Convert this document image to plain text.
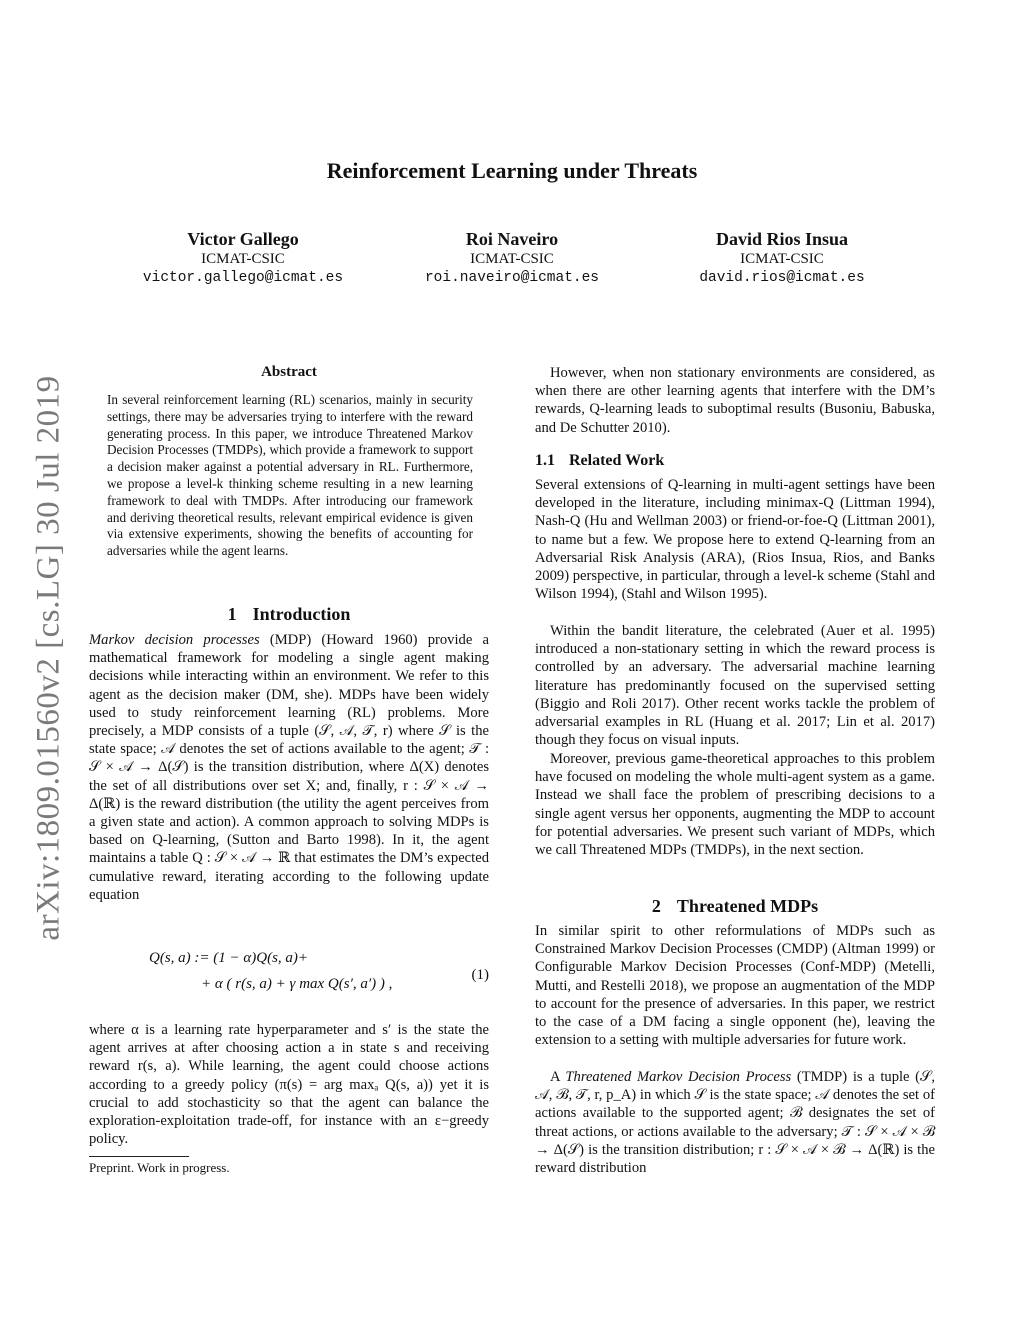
arXiv:1809.01560v2 [cs.LG] 30 Jul 2019
Reinforcement Learning under Threats
Victor Gallego
ICMAT-CSIC
victor.gallego@icmat.es
Roi Naveiro
ICMAT-CSIC
roi.naveiro@icmat.es
David Rios Insua
ICMAT-CSIC
david.rios@icmat.es
Abstract
In several reinforcement learning (RL) scenarios, mainly in security settings, there may be adversaries trying to interfere with the reward generating process. In this paper, we introduce Threatened Markov Decision Processes (TMDPs), which provide a framework to support a decision maker against a potential adversary in RL. Furthermore, we propose a level-k thinking scheme resulting in a new learning framework to deal with TMDPs. After introducing our framework and deriving theoretical results, relevant empirical evidence is given via extensive experiments, showing the benefits of accounting for adversaries while the agent learns.
1 Introduction
Markov decision processes (MDP) (Howard 1960) provide a mathematical framework for modeling a single agent making decisions while interacting within an environment. We refer to this agent as the decision maker (DM, she). MDPs have been widely used to study reinforcement learning (RL) problems. More precisely, a MDP consists of a tuple (𝒮, 𝒜, 𝒯, r) where 𝒮 is the state space; 𝒜 denotes the set of actions available to the agent; 𝒯 : 𝒮 × 𝒜 → Δ(𝒮) is the transition distribution, where Δ(X) denotes the set of all distributions over set X; and, finally, r : 𝒮 × 𝒜 → Δ(ℝ) is the reward distribution (the utility the agent perceives from a given state and action). A common approach to solving MDPs is based on Q-learning, (Sutton and Barto 1998). In it, the agent maintains a table Q : 𝒮 × 𝒜 → ℝ that estimates the DM’s expected cumulative reward, iterating according to the following update equation
Q(s, a) := (1 − α)Q(s, a)+
+ α ( r(s, a) + γ max Q(s′, a′) ) ,
(1)
where α is a learning rate hyperparameter and s′ is the state the agent arrives at after choosing action a in state s and receiving reward r(s, a). While learning, the agent could choose actions according to a greedy policy (π(s) = arg maxₐ Q(s, a)) yet it is crucial to add stochasticity so that the agent can balance the exploration-exploitation trade-off, for instance with an ε−greedy policy.
Preprint. Work in progress.
However, when non stationary environments are considered, as when there are other learning agents that interfere with the DM’s rewards, Q-learning leads to suboptimal results (Busoniu, Babuska, and De Schutter 2010).
1.1 Related Work
Several extensions of Q-learning in multi-agent settings have been developed in the literature, including minimax-Q (Littman 1994), Nash-Q (Hu and Wellman 2003) or friend-or-foe-Q (Littman 2001), to name but a few. We propose here to extend Q-learning from an Adversarial Risk Analysis (ARA), (Rios Insua, Rios, and Banks 2009) perspective, in particular, through a level-k scheme (Stahl and Wilson 1994), (Stahl and Wilson 1995).
Within the bandit literature, the celebrated (Auer et al. 1995) introduced a non-stationary setting in which the reward process is controlled by an adversary. The adversarial machine learning literature has predominantly focused on the supervised setting (Biggio and Roli 2017). Other recent works tackle the problem of adversarial examples in RL (Huang et al. 2017; Lin et al. 2017) though they focus on visual inputs.
Moreover, previous game-theoretical approaches to this problem have focused on modeling the whole multi-agent system as a game. Instead we shall face the problem of prescribing decisions to a single agent versus her opponents, augmenting the MDP to account for potential adversaries. We present such variant of MDPs, which we call Threatened MDPs (TMDPs), in the next section.
2 Threatened MDPs
In similar spirit to other reformulations of MDPs such as Constrained Markov Decision Processes (CMDP) (Altman 1999) or Configurable Markov Decision Processes (Conf-MDP) (Metelli, Mutti, and Restelli 2018), we propose an augmentation of the MDP to account for the presence of adversaries. In this paper, we restrict to the case of a DM facing a single opponent (he), leaving the extension to a setting with multiple adversaries for future work.
A Threatened Markov Decision Process (TMDP) is a tuple (𝒮, 𝒜, ℬ, 𝒯, r, p_A) in which 𝒮 is the state space; 𝒜 denotes the set of actions available to the supported agent; ℬ designates the set of threat actions, or actions available to the adversary; 𝒯 : 𝒮 × 𝒜 × ℬ → Δ(𝒮) is the transition distribution; r : 𝒮 × 𝒜 × ℬ → Δ(ℝ) is the reward distribution
